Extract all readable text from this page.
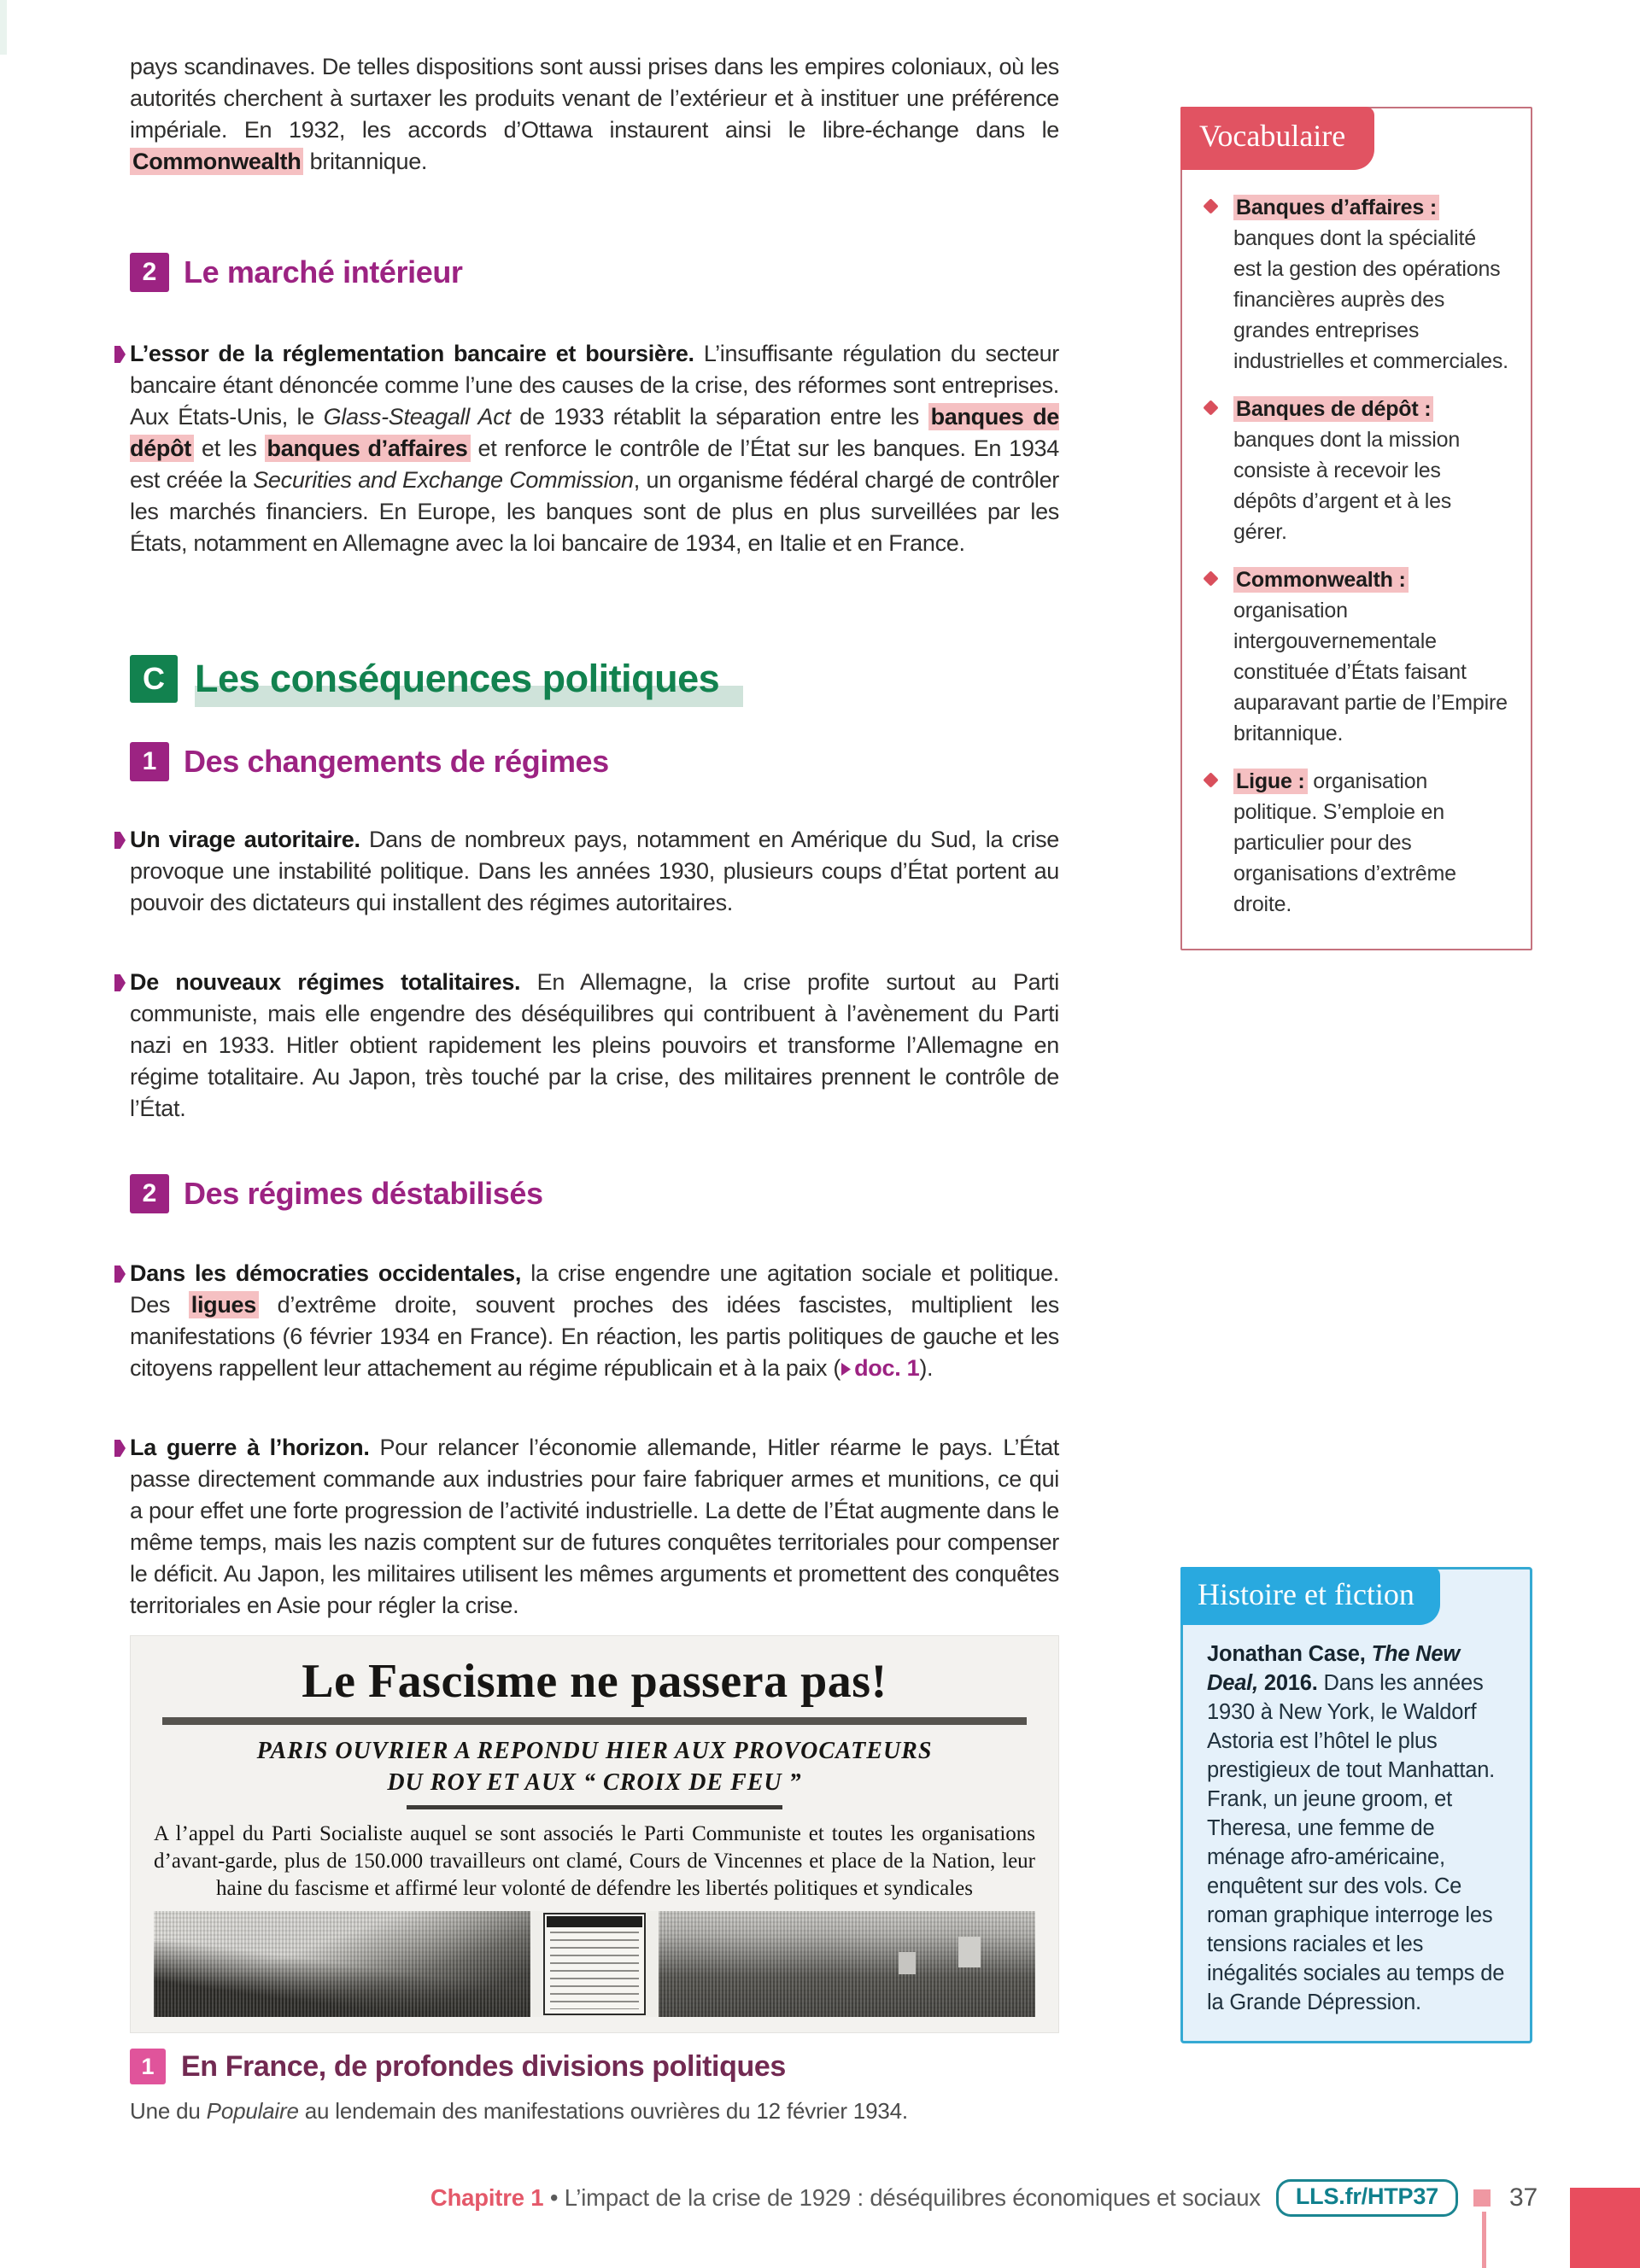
pays scandinaves. De telles dispositions sont aussi prises dans les empires coloniaux, où les autorités cherchent à surtaxer les produits venant de l’extérieur et à instituer une préférence impériale. En 1932, les accords d’Ottawa instaurent ainsi le libre-échange dans le Commonwealth britannique.

2 Le marché intérieur

L’essor de la réglementation bancaire et boursière. L’insuffisante régulation du secteur bancaire étant dénoncée comme l’une des causes de la crise, des réformes sont entreprises. Aux États-Unis, le Glass-Steagall Act de 1933 rétablit la séparation entre les banques de dépôt et les banques d’affaires et renforce le contrôle de l’État sur les banques. En 1934 est créée la Securities and Exchange Commission, un organisme fédéral chargé de contrôler les marchés financiers. En Europe, les banques sont de plus en plus surveillées par les États, notamment en Allemagne avec la loi bancaire de 1934, en Italie et en France.

C Les conséquences politiques
1 Des changements de régimes

Un virage autoritaire. Dans de nombreux pays, notamment en Amérique du Sud, la crise provoque une instabilité politique. Dans les années 1930, plusieurs coups d’État portent au pouvoir des dictateurs qui installent des régimes autoritaires.

De nouveaux régimes totalitaires. En Allemagne, la crise profite surtout au Parti communiste, mais elle engendre des déséquilibres qui contribuent à l’avènement du Parti nazi en 1933. Hitler obtient rapidement les pleins pouvoirs et transforme l’Allemagne en régime totalitaire. Au Japon, très touché par la crise, des militaires prennent le contrôle de l’État.

2 Des régimes déstabilisés

Dans les démocraties occidentales, la crise engendre une agitation sociale et politique. Des ligues d’extrême droite, souvent proches des idées fascistes, multiplient les manifestations (6 février 1934 en France). En réaction, les partis politiques de gauche et les citoyens rappellent leur attachement au régime républicain et à la paix ( doc. 1).

La guerre à l’horizon. Pour relancer l’économie allemande, Hitler réarme le pays. L’État passe directement commande aux industries pour faire fabriquer armes et munitions, ce qui a pour effet une forte progression de l’activité industrielle. La dette de l’État augmente dans le même temps, mais les nazis comptent sur de futures conquêtes territoriales pour compenser le déficit. Au Japon, les militaires utilisent les mêmes arguments et promettent des conquêtes territoriales en Asie pour régler la crise.

Le Fascisme ne passera pas!
PARIS OUVRIER A REPONDU HIER AUX PROVOCATEURS
DU ROY ET AUX “ CROIX DE FEU ”
A l’appel du Parti Socialiste auquel se sont associés le Parti Communiste et toutes les organisations d’avant-garde, plus de 150.000 travailleurs ont clamé, Cours de Vincennes et place de la Nation, leur haine du fascisme et affirmé leur volonté de défendre les libertés politiques et syndicales
1 En France, de profondes divisions politiques
Une du Populaire au lendemain des manifestations ouvrières du 12 février 1934.
Vocabulaire
Banques d’affaires : banques dont la spécialité est la gestion des opérations financières auprès des grandes entreprises industrielles et commerciales.
Banques de dépôt : banques dont la mission consiste à recevoir les dépôts d’argent et à les gérer.
Commonwealth : organisation intergouvernementale constituée d’États faisant auparavant partie de l’Empire britannique.
Ligue : organisation politique. S’emploie en particulier pour des organisations d’extrême droite.
Histoire et fiction
Jonathan Case, The New Deal, 2016. Dans les années 1930 à New York, le Waldorf Astoria est l’hôtel le plus prestigieux de tout Manhattan. Frank, un jeune groom, et Theresa, une femme de ménage afro-américaine, enquêtent sur des vols. Ce roman graphique interroge les tensions raciales et les inégalités sociales au temps de la Grande Dépression.
Chapitre 1 • L’impact de la crise de 1929 : déséquilibres économiques et sociaux	LLS.fr/HTP37	37
